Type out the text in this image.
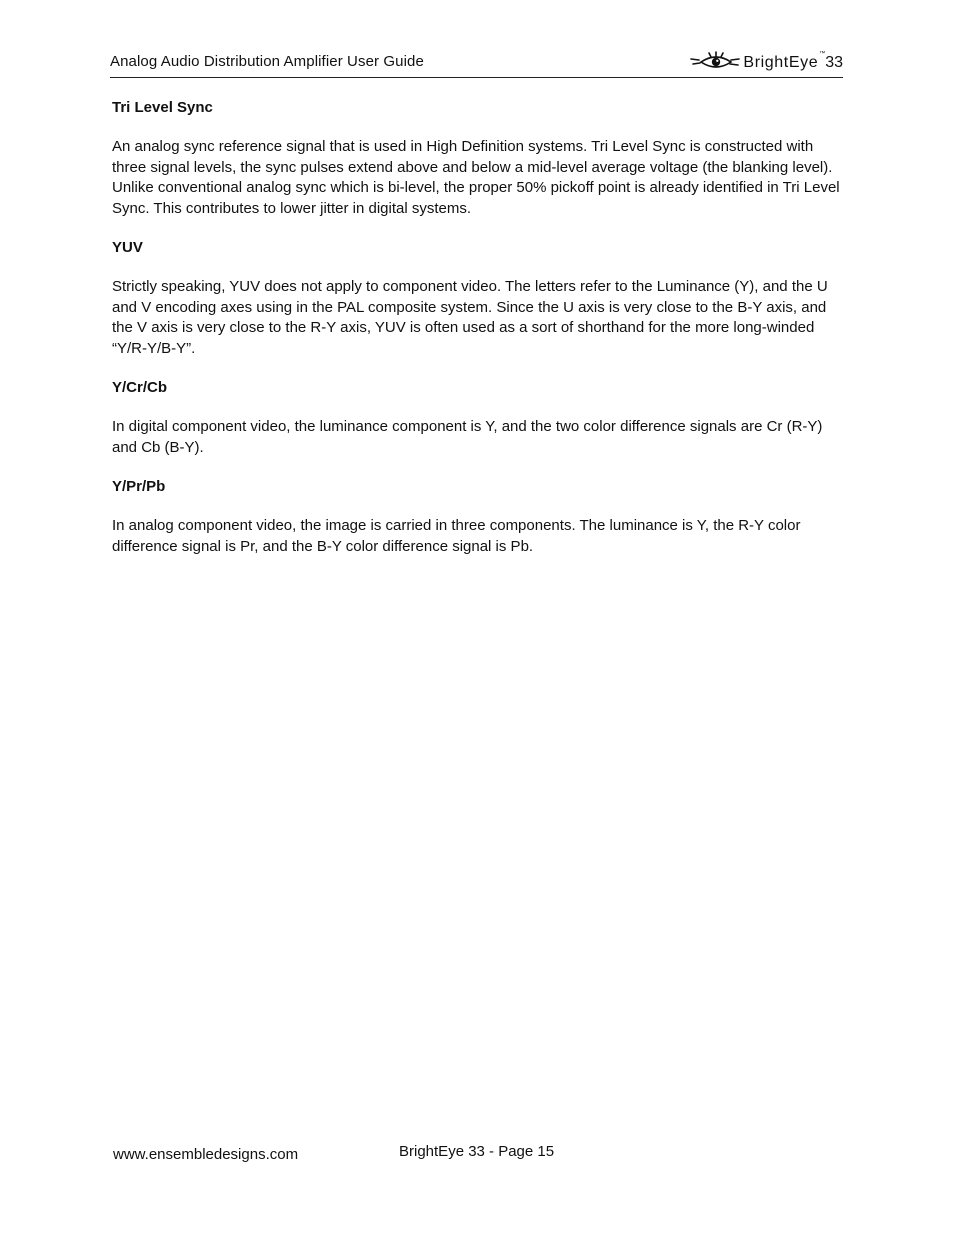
Analog Audio Distribution Amplifier User Guide	BrightEye ™ 33
Tri Level Sync

An analog sync reference signal that is used in High Definition systems. Tri Level Sync is constructed with three signal levels, the sync pulses extend above and below a mid-level average voltage (the blanking level). Unlike conventional analog sync which is bi-level, the proper 50% pickoff point is already identified in Tri Level Sync. This contributes to lower jitter in digital systems.

YUV

Strictly speaking, YUV does not apply to component video. The letters refer to the Luminance (Y), and the U and V encoding axes using in the PAL composite system. Since the U axis is very close to the B-Y axis, and the V axis is very close to the R-Y axis, YUV is often used as a sort of shorthand for the more long-winded “Y/R-Y/B-Y”.

Y/Cr/Cb

In digital component video, the luminance component is Y, and the two color difference signals are Cr (R-Y) and Cb (B-Y).

Y/Pr/Pb

In analog component video, the image is carried in three components. The luminance is Y, the R-Y color difference signal is Pr, and the B-Y color difference signal is Pb.

www.ensembledesigns.com	BrightEye 33 - Page 15
